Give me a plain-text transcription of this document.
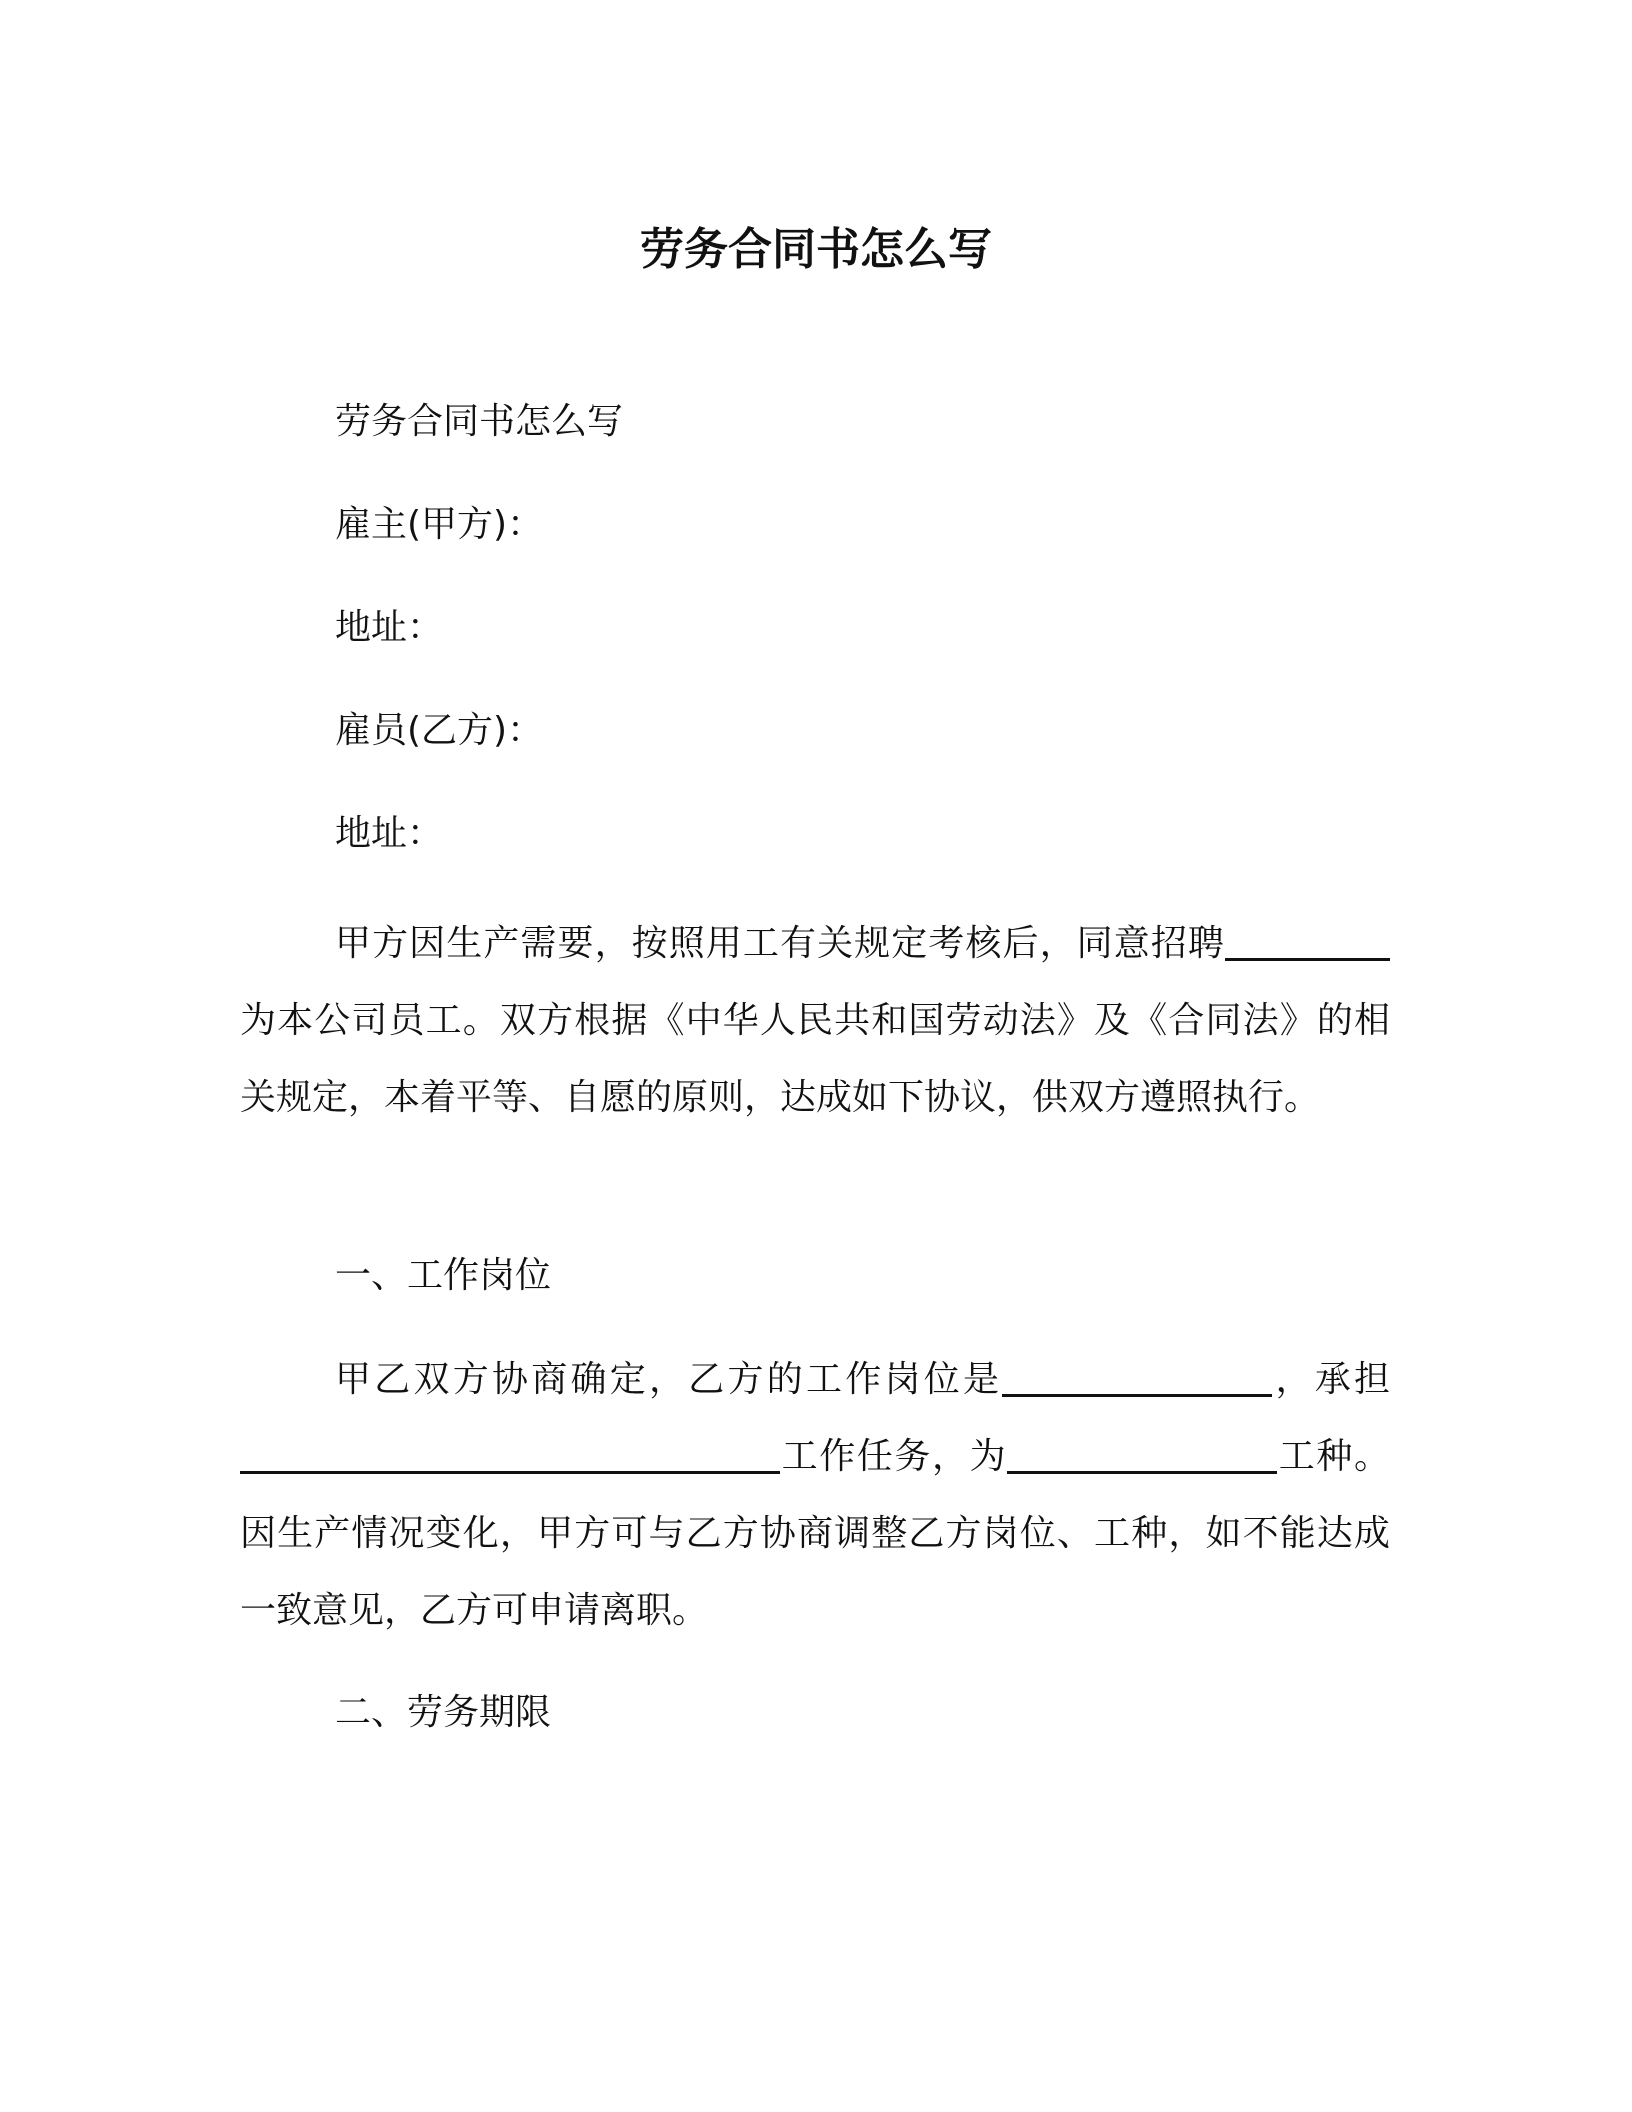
劳务合同书怎么写

劳务合同书怎么写

雇主(甲方)：

地址：

雇员(乙方)：

地址：

甲方因生产需要，按照用工有关规定考核后，同意招聘为本公司员工。双方根据《中华人民共和国劳动法》及《合同法》的相关规定，本着平等、自愿的原则，达成如下协议，供双方遵照执行。

一、工作岗位

甲乙双方协商确定，乙方的工作岗位是	，承担工作任务，为	工种。因生产情况变化，甲方可与乙方协商调整乙方岗位、工种，如不能达成一致意见，乙方可申请离职。

二、劳务期限
